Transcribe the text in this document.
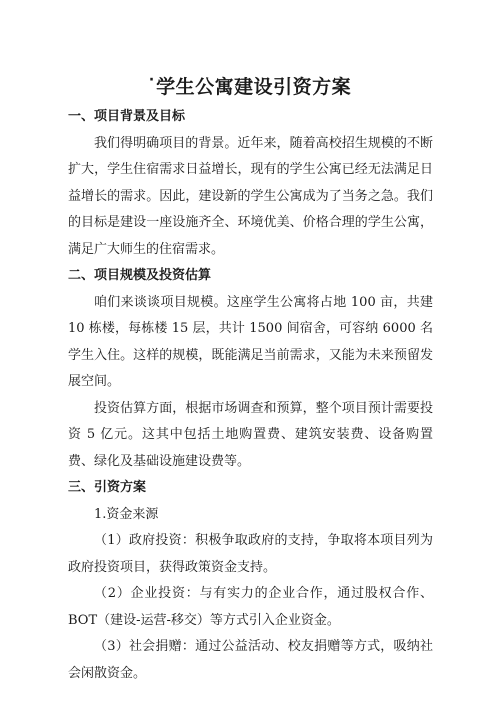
· 学生公寓建设引资方案

一、项目背景及目标

我们得明确项目的背景。近年来，随着高校招生规模的不断扩大，学生住宿需求日益增长，现有的学生公寓已经无法满足日益增长的需求。因此，建设新的学生公寓成为了当务之急。我们的目标是建设一座设施齐全、环境优美、价格合理的学生公寓，满足广大师生的住宿需求。

二、项目规模及投资估算

咱们来谈谈项目规模。这座学生公寓将占地 100 亩，共建 10 栋楼，每栋楼 15 层，共计 1500 间宿舍，可容纳 6000 名学生入住。这样的规模，既能满足当前需求，又能为未来预留发展空间。

投资估算方面，根据市场调查和预算，整个项目预计需要投资 5 亿元。这其中包括土地购置费、建筑安装费、设备购置费、绿化及基础设施建设费等。

三、引资方案

1.资金来源

（1）政府投资：积极争取政府的支持，争取将本项目列为政府投资项目，获得政策资金支持。

（2）企业投资：与有实力的企业合作，通过股权合作、BOT（建设-运营-移交）等方式引入企业资金。

（3）社会捐赠：通过公益活动、校友捐赠等方式，吸纳社会闲散资金。
